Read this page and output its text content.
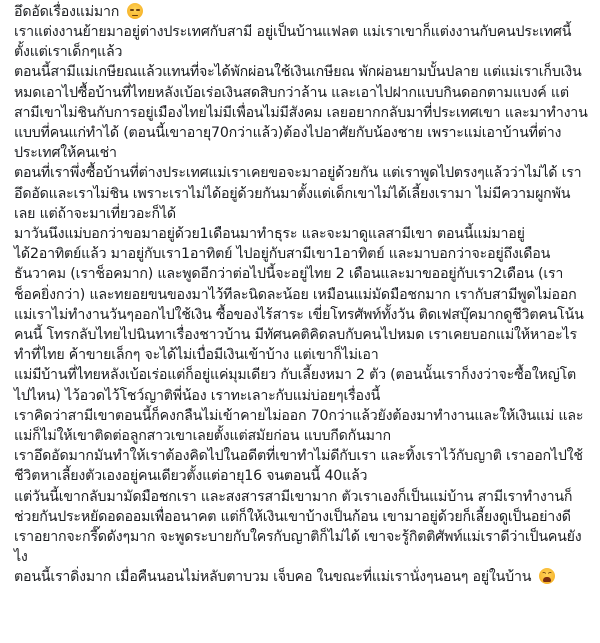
อึดอัดเรื่องแม่มาก

เราแต่งงานย้ายมาอยู่ต่างประเทศกับสามี อยู่เป็นบ้านแฟลต แม่เราเขาก็แต่งงานกับคนประเทศนี้ตั้งแต่เราเด็กๆแล้ว

ตอนนี้สามีแม่เกษียณแล้วแทนที่จะได้พักผ่อนใช้เงินเกษียณ พักผ่อนยามบั้นปลาย แต่แม่เราเก็บเงินหมดเอาไปซื้อบ้านที่ไทยหลังเบ้อเร่อเงินสดสิบกว่าล้าน และเอาไปฝากแบบกินดอกตามแบงค์ แต่สามีเขาไม่ชินกับการอยู่เมืองไทยไม่มีเพื่อนไม่มีสังคม เลยอยากกลับมาที่ประเทศเขา และมาทำงานแบบที่คนแก่ทำได้ (ตอนนี้เขาอายุ70กว่าแล้ว)ต้องไปอาศัยกับน้องชาย เพราะแม่เอาบ้านที่ต่างประเทศให้คนเช่า

ตอนที่เราพึ่งซื้อบ้านที่ต่างประเทศแม่เราเคยขอจะมาอยู่ด้วยกัน แต่เราพูดไปตรงๆแล้วว่าไม่ได้ เราอึดอัดและเราไม่ชิน เพราะเราไม่ได้อยู่ด้วยกันมาตั้งแต่เด็กเขาไม่ได้เลี้ยงเรามา ไม่มีความผูกพันเลย แต่ถ้าจะมาเที่ยวอะก็ได้

มาวันนึงแม่บอกว่าขอมาอยู่ด้วย1เดือนมาทำธุระ และจะมาดูแลสามีเขา ตอนนี้แม่มาอยู่ได้2อาทิตย์แล้ว มาอยู่กับเรา1อาทิตย์ ไปอยู่กับสามีเขา1อาทิตย์ และมาบอกว่าจะอยู่ถึงเดือนธันวาคม (เราช็อคมาก) และพูดอีกว่าต่อไปนี้จะอยู่ไทย 2 เดือนและมาขออยู่กับเรา2เดือน (เราช็อคยิ่งกว่า) และทยอยขนของมาไว้ทีละนิดละน้อย เหมือนแม่มัดมือชกมาก เรากับสามีพูดไม่ออก

แม่เราไม่ทำงานวันๆออกไปใช้เงิน ซื้อของไร้สาระ เขี่ยโทรศัพท์ทั้งวัน ติดเฟสบุ๊คมากดูชีวิตคนโน้นคนนี้ โทรกลับไทยไปนินทาเรื่องชาวบ้าน มีทัศนคติคิดลบกับคนไปหมด เราเคยบอกแม่ให้หาอะไรทำที่ไทย ค้าขายเล็กๆ จะได้ไม่เบื่อมีเงินเข้าบ้าง แต่เขาก็ไม่เอา

แม่มีบ้านที่ไทยหลังเบ้อเร่อแต่ก็อยู่แค่มุมเดียว กับเลี้ยงหมา 2 ตัว (ตอนนั้นเราก็งงว่าจะซื้อใหญ่โตไปไหน) ไว้อวดไว้โชว์ญาติพี่น้อง เราทะเลาะกับแม่บ่อยๆเรื่องนี้

เราคิดว่าสามีเขาตอนนี้ก็คงกลืนไม่เข้าคายไม่ออก 70กว่าแล้วยังต้องมาทำงานและให้เงินแม่ และแม่ก็ไม่ให้เขาติดต่อลูกสาวเขาเลยตั้งแต่สมัยก่อน แบบกีดกันมาก

เราอึดอัดมากมันทำให้เราต้องคิดไปในอดีตที่เขาทำไม่ดีกับเรา และทิ้งเราไว้กับญาติ เราออกไปใช้ชีวิตหาเลี้ยงตัวเองอยู่คนเดียวตั้งแต่อายุ16 จนตอนนี้ 40แล้ว

แต่วันนี้เขากลับมามัดมือชกเรา และสงสารสามีเขามาก ตัวเราเองก็เป็นแม่บ้าน สามีเราทำงานก็ช่วยกันประหยัดอดออมเพื่ออนาคต แต่ก็ให้เงินเขาบ้างเป็นก้อน เขามาอยู่ด้วยก็เลี้ยงดูเป็นอย่างดี

เราอยากจะกรี๊ดดังๆมาก จะพูดระบายกับใครกับญาติก็ไม่ได้ เขาจะรู้กิตติศัพท์แม่เราดีว่าเป็นคนยังไง

ตอนนี้เราดิ่งมาก เมื่อคืนนอนไม่หลับตาบวม เจ็บคอ ในขณะที่แม่เรานั่งๆนอนๆ อยู่ในบ้าน
